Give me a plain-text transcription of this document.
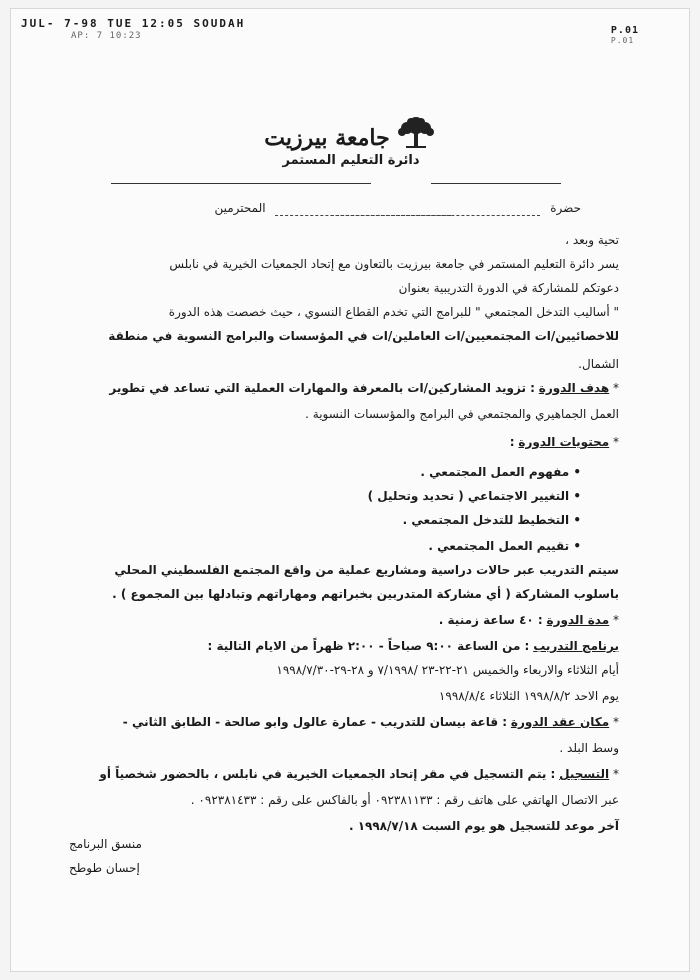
JUL- 7-98 TUE 12:05 SOUDAH
AP: 7 10:23	P.01
P.01
جامعة بيرزيت
دائرة التعليم المستمر
حضرة   المحترمين
تحية وبعد ،
يسر دائرة التعليم المستمر في جامعة بيرزيت بالتعاون مع إتحاد الجمعيات الخيرية في نابلس
دعوتكم للمشاركة في الدورة التدريبية بعنوان
" أساليب التدخل المجتمعي " للبرامج التي تخدم القطاع النسوي ، حيث خصصت هذه الدورة
للاخصائيين/ات المجتمعيين/ات العاملين/ات في المؤسسات والبرامج النسوية في منطقة
الشمال.
* هدف الدورة : تزويد المشاركين/ات بالمعرفة والمهارات العملية التي تساعد في تطوير
العمل الجماهيري والمجتمعي في البرامج والمؤسسات النسوية .
* محتويات الدورة :
• مفهوم العمل المجتمعي .
• التغيير الاجتماعي ( تحديد وتحليل )
• التخطيط للتدخل المجتمعي .
• تقييم العمل المجتمعي .
سيتم التدريب عبر حالات دراسية ومشاريع عملية من واقع المجتمع الفلسطيني المحلي
باسلوب المشاركة ( أي مشاركة المتدربين بخبراتهم ومهاراتهم وتبادلها بين المجموع ) .
* مدة الدورة : ٤٠ ساعة زمنية .
برنامج التدريب : من الساعة ٩:٠٠ صباحاً - ٢:٠٠ ظهراً من الايام التالية :
أيام الثلاثاء والاربعاء والخميس ٢١-٢٢-٢٣ /٧/١٩٩٨ و ٢٨-٢٩-١٩٩٨/٧/٣٠
يوم الاحد ١٩٩٨/٨/٢ الثلاثاء ١٩٩٨/٨/٤
* مكان عقد الدورة : قاعة بيسان للتدريب - عمارة عالول وابو صالحة - الطابق الثاني -
وسط البلد .
* التسجيل : يتم التسجيل في مقر إتحاد الجمعيات الخيرية في نابلس ، بالحضور شخصياً أو
عبر الاتصال الهاتفي على هاتف رقم : ٠٩٢٣٨١١٣٣ أو بالفاكس على رقم : ٠٩٢٣٨١٤٣٣ .
آخر موعد للتسجيل هو يوم السبت ١٩٩٨/٧/١٨ .
منسق البرنامج
إحسان طوطح
